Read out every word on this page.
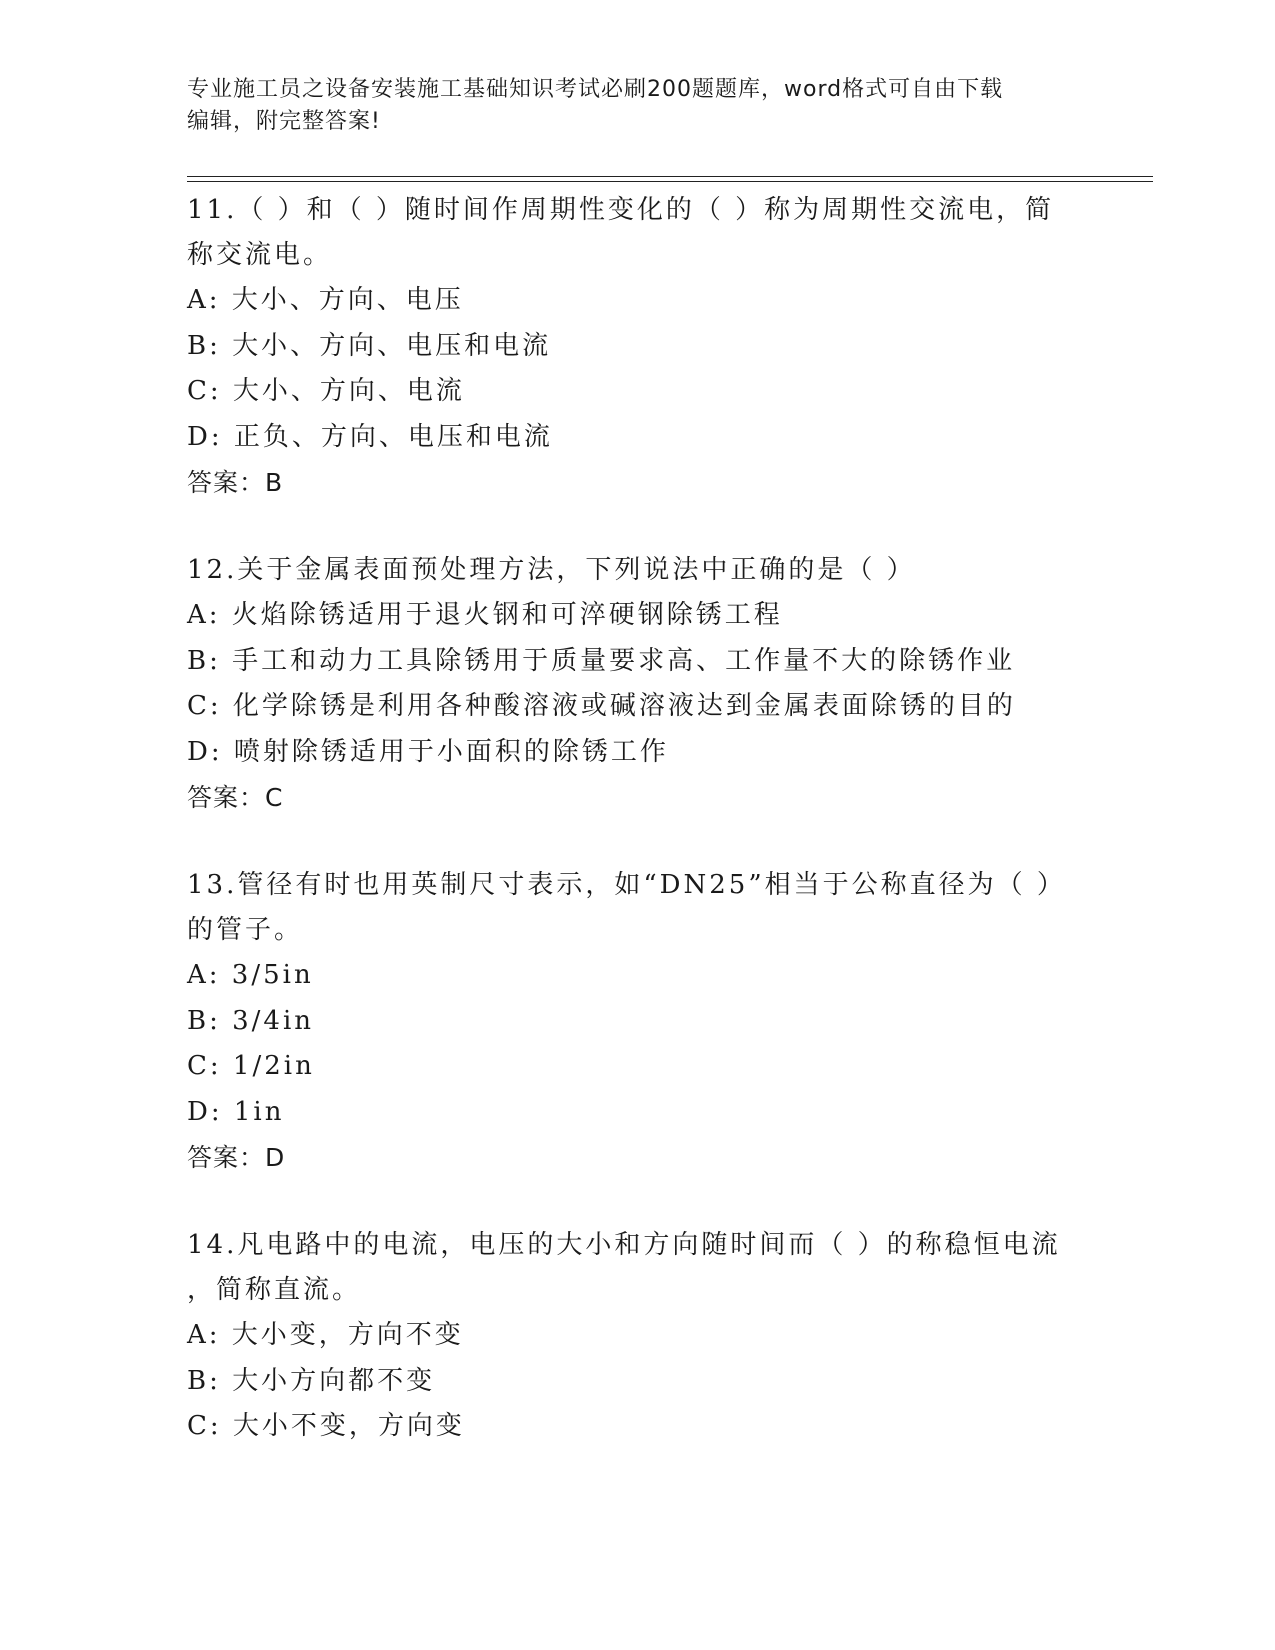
专业施工员之设备安装施工基础知识考试必刷200题题库，word格式可自由下载
编辑，附完整答案!
11.（ ）和（ ）随时间作周期性变化的（ ）称为周期性交流电，简
称交流电。
A: 大小、方向、电压
B: 大小、方向、电压和电流
C: 大小、方向、电流
D: 正负、方向、电压和电流
答案：B
12.关于金属表面预处理方法，下列说法中正确的是（ ）
A: 火焰除锈适用于退火钢和可淬硬钢除锈工程
B: 手工和动力工具除锈用于质量要求高、工作量不大的除锈作业
C: 化学除锈是利用各种酸溶液或碱溶液达到金属表面除锈的目的
D: 喷射除锈适用于小面积的除锈工作
答案：C
13.管径有时也用英制尺寸表示，如“DN25”相当于公称直径为（ ）
的管子。
A: 3/5in
B: 3/4in
C: 1/2in
D: 1in
答案：D
14.凡电路中的电流，电压的大小和方向随时间而（ ）的称稳恒电流
，简称直流。
A: 大小变，方向不变
B: 大小方向都不变
C: 大小不变，方向变
